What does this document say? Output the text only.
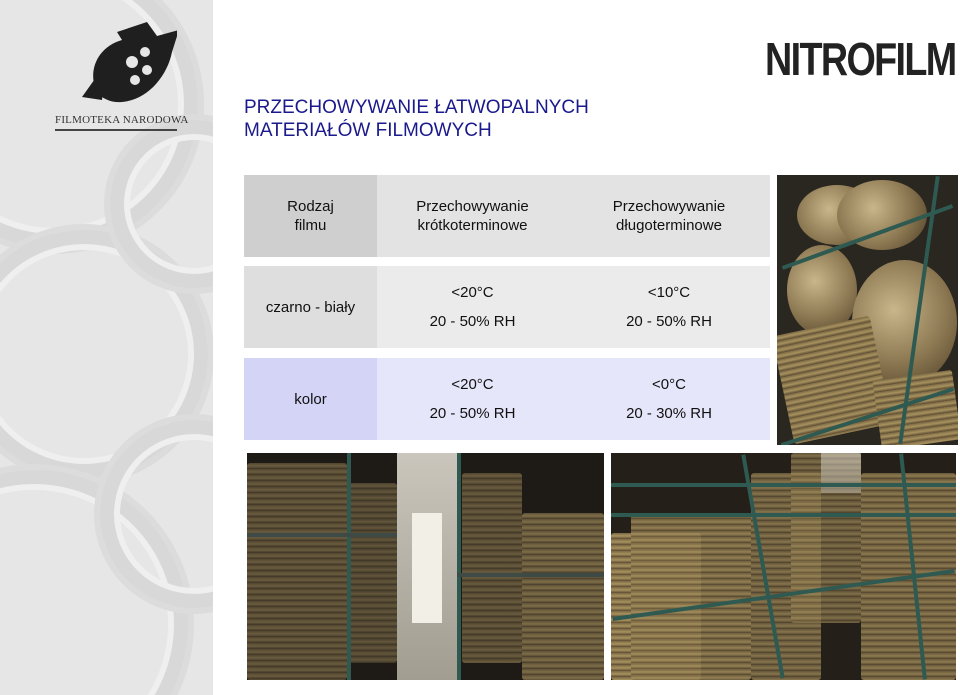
FILMOTEKA NARODOWA
NITROFILM
PRZECHOWYWANIE ŁATWOPALNYCH
MATERIAŁÓW FILMOWYCH
Rodzaj
filmu
Przechowywanie
krótkoterminowe
Przechowywanie
długoterminowe
czarno - biały
<20°C
20 - 50% RH
<10°C
20 - 50% RH
kolor
<20°C
20 - 50% RH
<0°C
20 - 30% RH
